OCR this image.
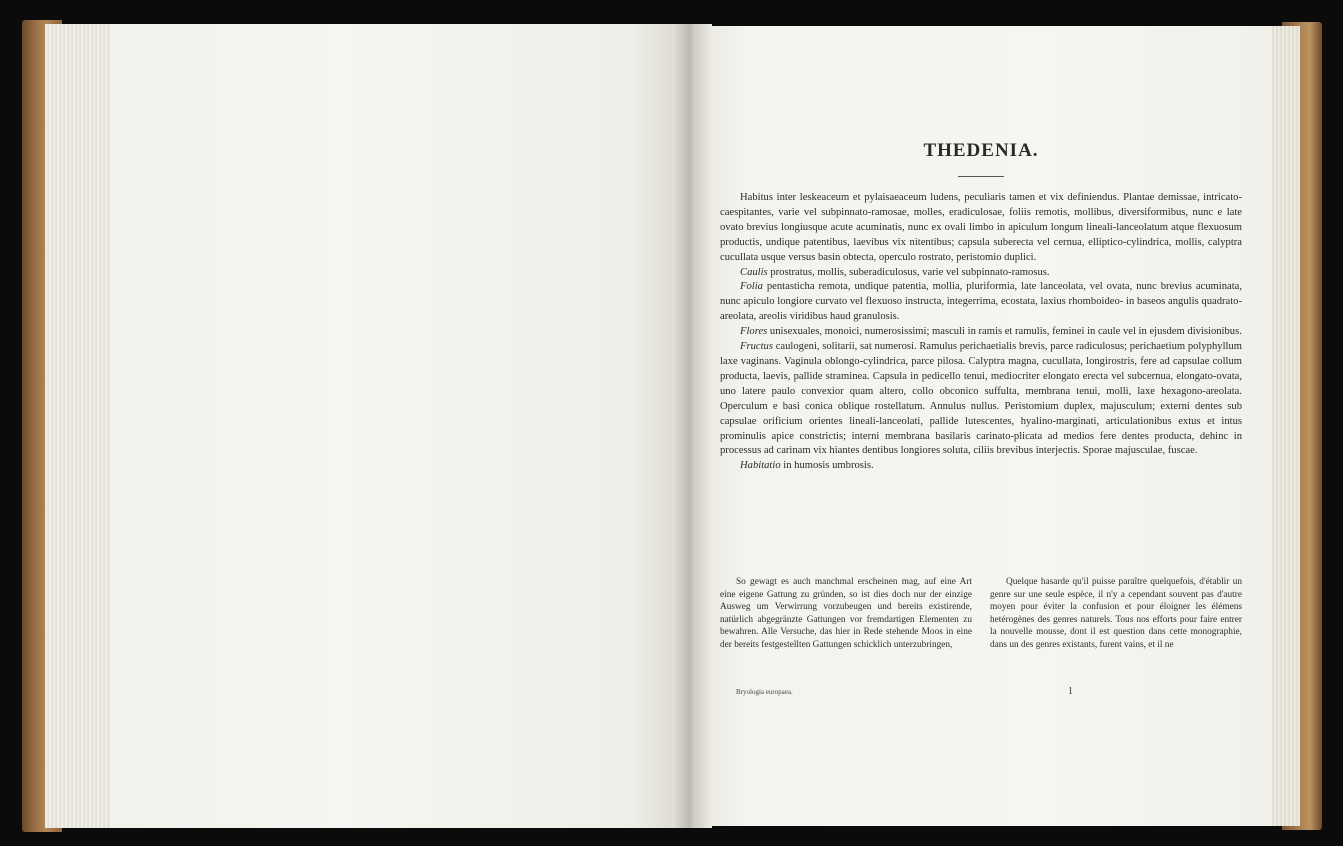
THEDENIA.

Habitus inter leskeaceum et pylaisaeaceum ludens, peculiaris tamen et vix definiendus. Plantae demissae, intricato-caespitantes, varie vel subpinnato-ramosae, molles, eradiculosae, foliis remotis, mollibus, diversiformibus, nunc e late ovato brevius longiusque acute acuminatis, nunc ex ovali limbo in apiculum longum lineali-lanceolatum atque flexuosum productis, undique patentibus, laevibus vix nitentibus; capsula suberecta vel cernua, elliptico-cylindrica, mollis, calyptra cucullata usque versus basin obtecta, operculo rostrato, peristomio duplici.

Caulis prostratus, mollis, suberadiculosus, varie vel subpinnato-ramosus.

Folia pentasticha remota, undique patentia, mollia, pluriformia, late lanceolata, vel ovata, nunc brevius acuminata, nunc apiculo longiore curvato vel flexuoso instructa, integerrima, ecostata, laxius rhomboideo- in baseos angulis quadrato-areolata, areolis viridibus haud granulosis.

Flores unisexuales, monoici, numerosissimi; masculi in ramis et ramulis, feminei in caule vel in ejusdem divisionibus.

Fructus caulogeni, solitarii, sat numerosi. Ramulus perichaetialis brevis, parce radiculosus; perichaetium polyphyllum laxe vaginans. Vaginula oblongo-cylindrica, parce pilosa. Calyptra magna, cucullata, longirostris, fere ad capsulae collum producta, laevis, pallide straminea. Capsula in pedicello tenui, mediocriter elongato erecta vel subcernua, elongato-ovata, uno latere paulo convexior quam altero, collo obconico suffulta, membrana tenui, molli, laxe hexagono-areolata. Operculum e basi conica oblique rostellatum. Annulus nullus. Peristomium duplex, majusculum; externi dentes sub capsulae orificium orientes lineali-lanceolati, pallide lutescentes, hyalino-marginati, articulationibus extus et intus prominulis apice constrictis; interni membrana basilaris carinato-plicata ad medios fere dentes producta, dehinc in processus ad carinam vix hiantes dentibus longiores soluta, ciliis brevibus interjectis. Sporae majusculae, fuscae.

Habitatio in humosis umbrosis.

So gewagt es auch manchmal erscheinen mag, auf eine Art eine eigene Gattung zu gründen, so ist dies doch nur der einzige Ausweg um Verwirrung vorzubeugen und bereits existirende, natürlich abgegränzte Gattungen vor fremdartigen Elementen zu bewahren. Alle Versuche, das hier in Rede stehende Moos in eine der bereits festgestellten Gattungen schicklich unterzubringen,

Quelque hasarde qu'il puisse paraître quelquefois, d'établir un genre sur une seule espèce, il n'y a cependant souvent pas d'autre moyen pour éviter la confusion et pour éloigner les élémens hetérogènes des genres naturels. Tous nos efforts pour faire entrer la nouvelle mousse, dont il est question dans cette monographie, dans un des genres existants, furent vains, et il ne

Bryologia europaea.	1
